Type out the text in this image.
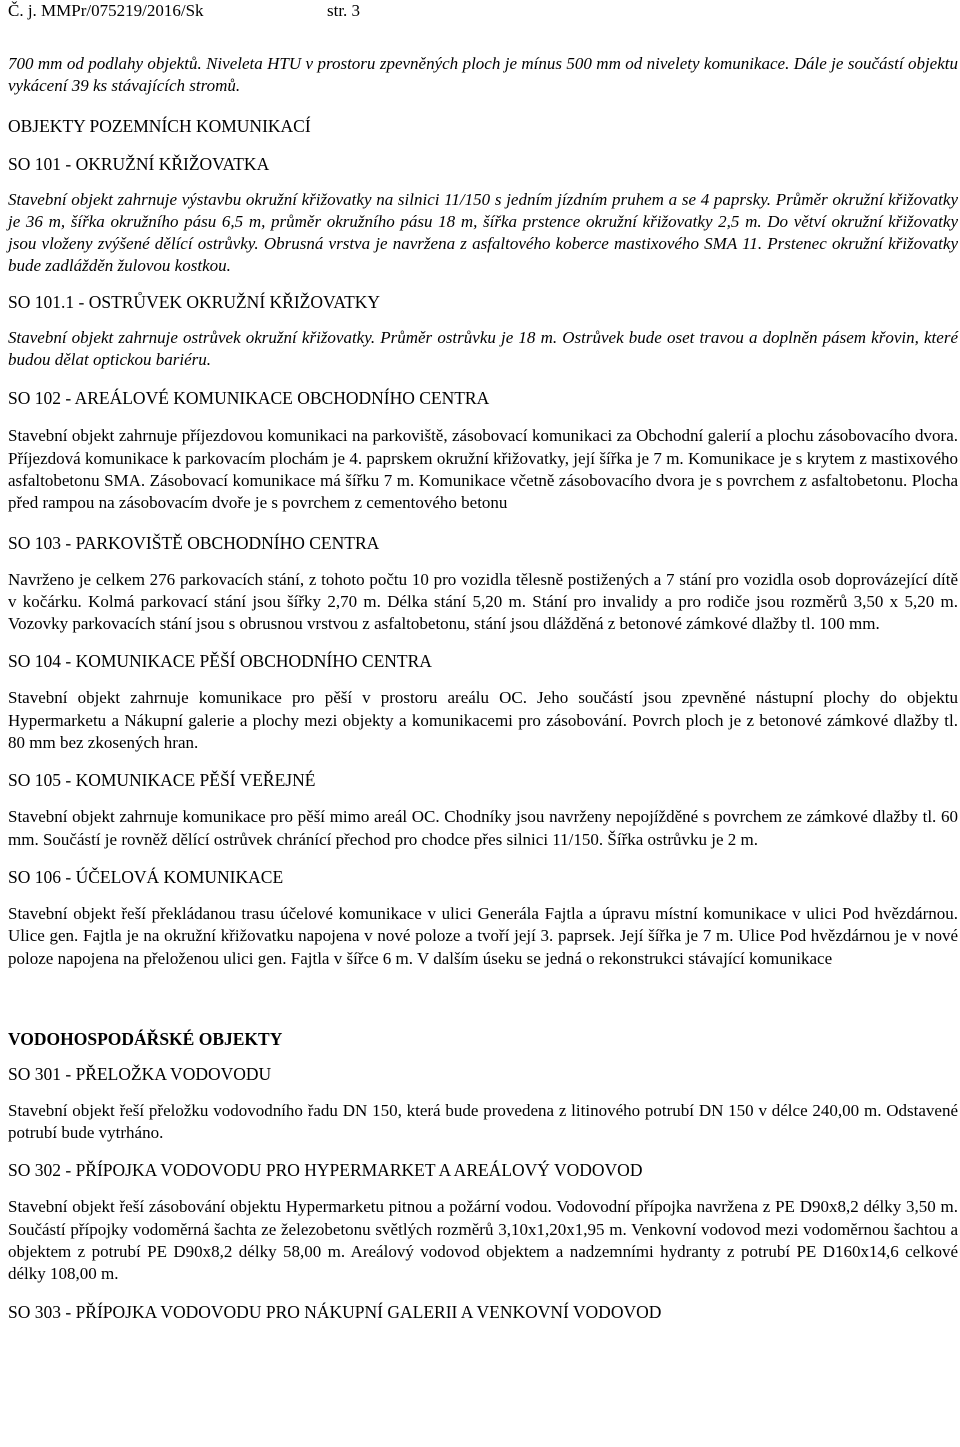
Č. j. MMPr/075219/2016/Sk	str. 3

700 mm od podlahy objektů. Niveleta HTU v prostoru zpevněných ploch je mínus 500 mm od nivelety komunikace. Dále je součástí objektu vykácení 39 ks stávajících stromů.

OBJEKTY POZEMNÍCH KOMUNIKACÍ
SO 101 - OKRUŽNÍ KŘIŽOVATKA

Stavební objekt zahrnuje výstavbu okružní křižovatky na silnici 11/150 s jedním jízdním pruhem a se 4 paprsky. Průměr okružní křižovatky je 36 m, šířka okružního pásu 6,5 m, průměr okružního pásu 18 m, šířka prstence okružní křižovatky 2,5 m. Do větví okružní křižovatky jsou vloženy zvýšené dělící ostrůvky. Obrusná vrstva je navržena z asfaltového koberce mastixového SMA 11. Prstenec okružní křižovatky bude zadlážděn žulovou kostkou.

SO 101.1 - OSTRŮVEK OKRUŽNÍ KŘIŽOVATKY

Stavební objekt zahrnuje ostrůvek okružní křižovatky. Průměr ostrůvku je 18 m. Ostrůvek bude oset travou a doplněn pásem křovin, které budou dělat optickou bariéru.

SO 102 - AREÁLOVÉ KOMUNIKACE OBCHODNÍHO CENTRA

Stavební objekt zahrnuje příjezdovou komunikaci na parkoviště, zásobovací komunikaci za Obchodní galerií a plochu zásobovacího dvora. Příjezdová komunikace k parkovacím plochám je 4. paprskem okružní křižovatky, její šířka je 7 m. Komunikace je s krytem z mastixového asfaltobetonu SMA. Zásobovací komunikace má šířku 7 m. Komunikace včetně zásobovacího dvora je s povrchem z asfaltobetonu. Plocha před rampou na zásobovacím dvoře je s povrchem z cementového betonu

SO 103 - PARKOVIŠTĚ OBCHODNÍHO CENTRA

Navrženo je celkem 276 parkovacích stání, z tohoto počtu 10 pro vozidla tělesně postižených a 7 stání pro vozidla osob doprovázející dítě v kočárku. Kolmá parkovací stání jsou šířky 2,70 m. Délka stání 5,20 m. Stání pro invalidy a pro rodiče jsou rozměrů 3,50 x 5,20 m. Vozovky parkovacích stání jsou s obrusnou vrstvou z asfaltobetonu, stání jsou dlážděná z betonové zámkové dlažby tl. 100 mm.

SO 104 - KOMUNIKACE PĚŠÍ OBCHODNÍHO CENTRA

Stavební objekt zahrnuje komunikace pro pěší v prostoru areálu OC. Jeho součástí jsou zpevněné nástupní plochy do objektu Hypermarketu a Nákupní galerie a plochy mezi objekty a komunikacemi pro zásobování. Povrch ploch je z betonové zámkové dlažby tl. 80 mm bez zkosených hran.

SO 105 - KOMUNIKACE PĚŠÍ VEŘEJNÉ

Stavební objekt zahrnuje komunikace pro pěší mimo areál OC. Chodníky jsou navrženy nepojížděné s povrchem ze zámkové dlažby tl. 60 mm. Součástí je rovněž dělící ostrůvek chránící přechod pro chodce přes silnici 11/150. Šířka ostrůvku je 2 m.

SO 106 - ÚČELOVÁ KOMUNIKACE

Stavební objekt řeší překládanou trasu účelové komunikace v ulici Generála Fajtla a úpravu místní komunikace v ulici Pod hvězdárnou. Ulice gen. Fajtla je na okružní křižovatku napojena v nové poloze a tvoří její 3. paprsek. Její šířka je 7 m. Ulice Pod hvězdárnou je v nové poloze napojena na přeloženou ulici gen. Fajtla v šířce 6 m. V dalším úseku se jedná o rekonstrukci stávající komunikace

VODOHOSPODÁŘSKÉ OBJEKTY
SO 301 - PŘELOŽKA VODOVODU

Stavební objekt řeší přeložku vodovodního řadu DN 150, která bude provedena z litinového potrubí DN 150 v délce 240,00 m. Odstavené potrubí bude vytrháno.

SO 302 - PŘÍPOJKA VODOVODU PRO HYPERMARKET A AREÁLOVÝ VODOVOD

Stavební objekt řeší zásobování objektu Hypermarketu pitnou a požární vodou. Vodovodní přípojka navržena z PE D90x8,2 délky 3,50 m. Součástí přípojky vodoměrná šachta ze železobetonu světlých rozměrů 3,10x1,20x1,95 m. Venkovní vodovod mezi vodoměrnou šachtou a objektem z potrubí PE D90x8,2 délky 58,00 m. Areálový vodovod objektem a nadzemními hydranty z potrubí PE D160x14,6 celkové délky 108,00 m.

SO 303 - PŘÍPOJKA VODOVODU PRO NÁKUPNÍ GALERII A VENKOVNÍ VODOVOD
